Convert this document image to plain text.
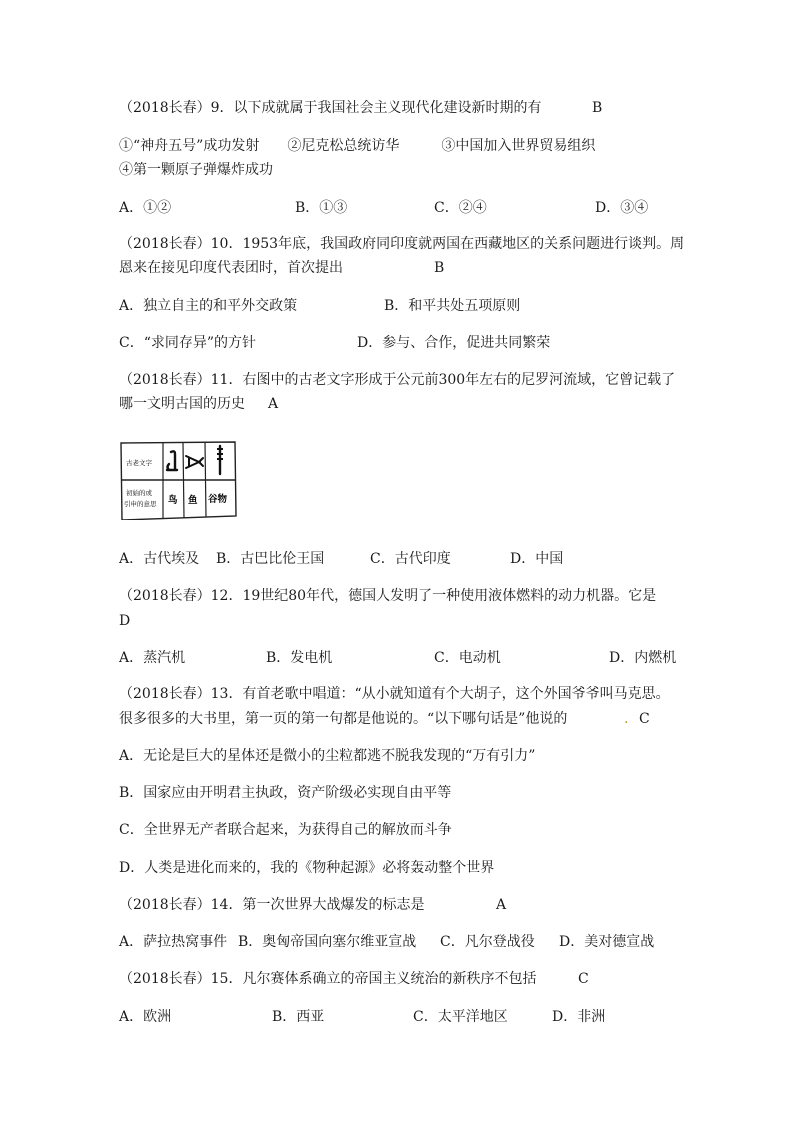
（2018长春）9．以下成就属于我国社会主义现代化建设新时期的有	B
①“神舟五号”成功发射　　②尼克松总统访华　　　③中国加入世界贸易组织
④第一颗原子弹爆炸成功
A．①②	B．①③	C．②④	D．③④
（2018长春）10．1953年底，我国政府同印度就两国在西藏地区的关系问题进行谈判。周
恩来在接见印度代表团时，首次提出	B
A．独立自主的和平外交政策	B．和平共处五项原则
C．“求同存异”的方针	D．参与、合作，促进共同繁荣
（2018长春）11．右图中的古老文字形成于公元前300年左右的尼罗河流域，它曾记载了
哪一文明古国的历史 A
古老文字
初始的或
引申的意思 鸟 鱼 谷物
A．古代埃及 B．古巴比伦王国	C．古代印度	D．中国
（2018长春）12．19世纪80年代，德国人发明了一种使用液体燃料的动力机器。它是
D
A．蒸汽机	B．发电机	C．电动机	D．内燃机
（2018长春）13．有首老歌中唱道：“从小就知道有个大胡子，这个外国爷爷叫马克思。
很多很多的大书里，第一页的第一句都是他说的。“以下哪句话是”他说的	. C
A．无论是巨大的星体还是微小的尘粒都逃不脱我发现的“万有引力”
B．国家应由开明君主执政，资产阶级必实现自由平等
C．全世界无产者联合起来，为获得自己的解放而斗争
D．人类是进化而来的，我的《物种起源》必将轰动整个世界
（2018长春）14．第一次世界大战爆发的标志是	A
A．萨拉热窝事件 B．奥匈帝国向塞尔维亚宣战 C．凡尔登战役 D．美对德宣战
（2018长春）15．凡尔赛体系确立的帝国主义统治的新秩序不包括	C
A．欧洲	B．西亚	C．太平洋地区	D．非洲
